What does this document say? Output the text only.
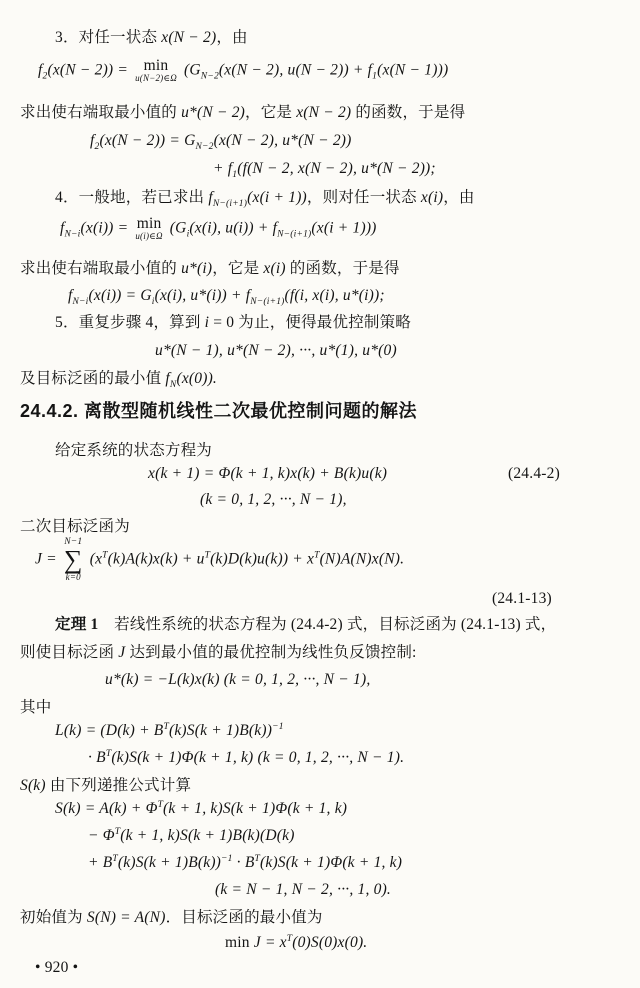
3．对任一状态 x(N − 2)，由
$f_2(x(N - 2)) = \min$
u(N−2)∈Ω ($G_{N-2}(x(N - 2)$, $u(N - 2)) + f_1(x(N - 1))$)
求出使右端取最小值的 u*(N − 2)，它是 x(N − 2) 的函数，于是得
$f_2(x(N - 2)) = G_{N-2}(x(N - 2)$, u*(N − 2))
+ $f_1(f(N - 2$, x(N − 2), u*(N − 2));
4．一般地，若已求出 $f_{N-(i+1)}(x(i + 1))$，则对任一状态 x(i)，由
$f_{N-i}(x(i)) = \min$
u(i)∈Ω ($G_i(x(i)$, $u(i)) + f_{N-(i+1)}(x(i + 1))$)
求出使右端取最小值的 u*(i)，它是 x(i) 的函数，于是得
$f_{N-i}(x(i)) = G_i(x(i)$, $u*(i)) + f_{N-(i+1)}(f(i$, x(i), u*(i));
5．重复步骤 4，算到 i = 0 为止，便得最优控制策略
u*(N − 1), u*(N − 2), ···, u*(1), u*(0)
及目标泛函的最小值 $f_N(x(0))$.
24.4.2. 离散型随机线性二次最优控制问题的解法
给定系统的状态方程为
x(k + 1) = Φ(k + 1, k)x(k) + B(k)u(k)	(24.4-2)
(k = 0, 1, 2, ···, N − 1),
二次目标泛函为
J =
N−1
∑
k=0
$(x^T(k)A(k)x(k) + u^T(k)D(k)u(k)) + x^T(N)A(N)x(N)$.
(24.1-13)
定理 1　若线性系统的状态方程为 (24.4-2) 式，目标泛函为 (24.1-13) 式，
则使目标泛函 J 达到最小值的最优控制为线性负反馈控制:
u*(k) = −L(k)x(k) (k = 0, 1, 2, ···, N − 1),
其中
$L(k) = (D(k) + B^T(k)S(k + 1)B(k))^{-1}$
· $B^T(k)S(k + 1)\Phi(k + 1$, k) (k = 0, 1, 2, ···, N − 1).
S(k) 由下列递推公式计算
$S(k) = A(k) + \Phi^T(k + 1$, k)S(k + 1)Φ(k + 1, k)
− $\Phi^T(k + 1$, k)S(k + 1)B(k)(D(k)
+ $B^T(k)S(k + 1)B(k))^{-1} \cdot B^T(k)S(k + 1)\Phi(k + 1$, k)
(k = N − 1, N − 2, ···, 1, 0).
初始值为 S(N) = A(N)．目标泛函的最小值为
$\min J = x^T(0)S(0)x(0)$.
• 920 •
